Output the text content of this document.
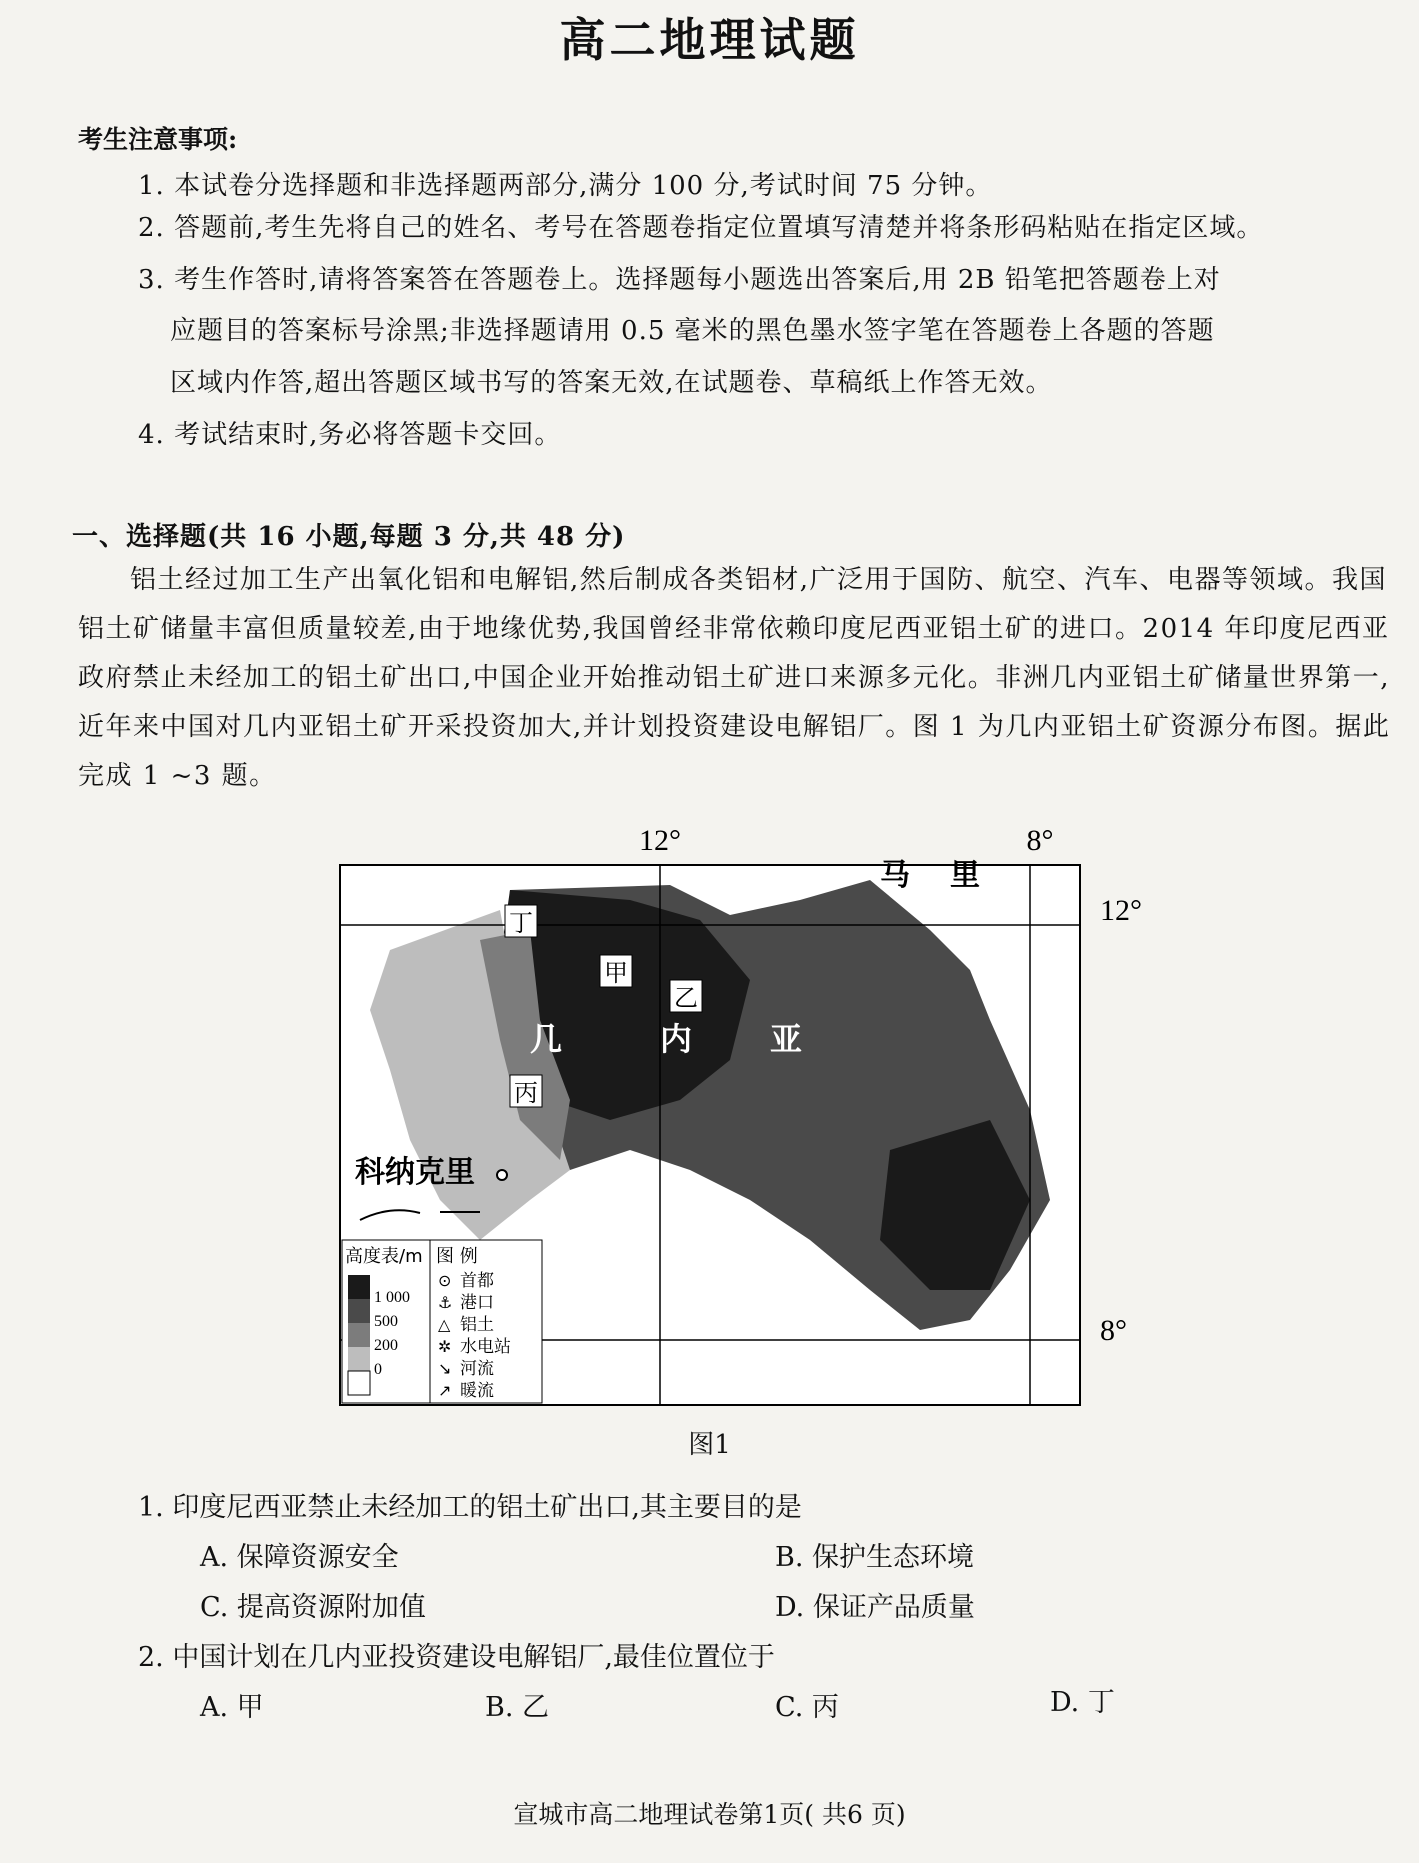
高二地理试题
考生注意事项:
1. 本试卷分选择题和非选择题两部分,满分 100 分,考试时间 75 分钟。
2. 答题前,考生先将自己的姓名、考号在答题卷指定位置填写清楚并将条形码粘贴在指定区域。
3. 考生作答时,请将答案答在答题卷上。选择题每小题选出答案后,用 2B 铅笔把答题卷上对
应题目的答案标号涂黑;非选择题请用 0.5 毫米的黑色墨水签字笔在答题卷上各题的答题
区域内作答,超出答题区域书写的答案无效,在试题卷、草稿纸上作答无效。
4. 考试结束时,务必将答题卡交回。
一、选择题(共 16 小题,每题 3 分,共 48 分)
铝土经过加工生产出氧化铝和电解铝,然后制成各类铝材,广泛用于国防、航空、汽车、电器等领域。我国铝土矿储量丰富但质量较差,由于地缘优势,我国曾经非常依赖印度尼西亚铝土矿的进口。2014 年印度尼西亚政府禁止未经加工的铝土矿出口,中国企业开始推动铝土矿进口来源多元化。非洲几内亚铝土矿储量世界第一,近年来中国对几内亚铝土矿开采投资加大,并计划投资建设电解铝厂。图 1 为几内亚铝土矿资源分布图。据此完成 1 ~3 题。
12°	8°
12°
8°
马 里
几	内 亚
丁
甲
乙
丙
科纳克里
高度表/m
1 000
500
200
0
图 例
⊙ 首都
⚓ 港口
△ 铝土
✲ 水电站
↘ 河流
↗ 暖流
图1
1. 印度尼西亚禁止未经加工的铝土矿出口,其主要目的是
A. 保障资源安全	B. 保护生态环境
C. 提高资源附加值	D. 保证产品质量
2. 中国计划在几内亚投资建设电解铝厂,最佳位置位于
A. 甲	B. 乙	C. 丙	D. 丁
宣城市高二地理试卷第1页( 共6 页)
